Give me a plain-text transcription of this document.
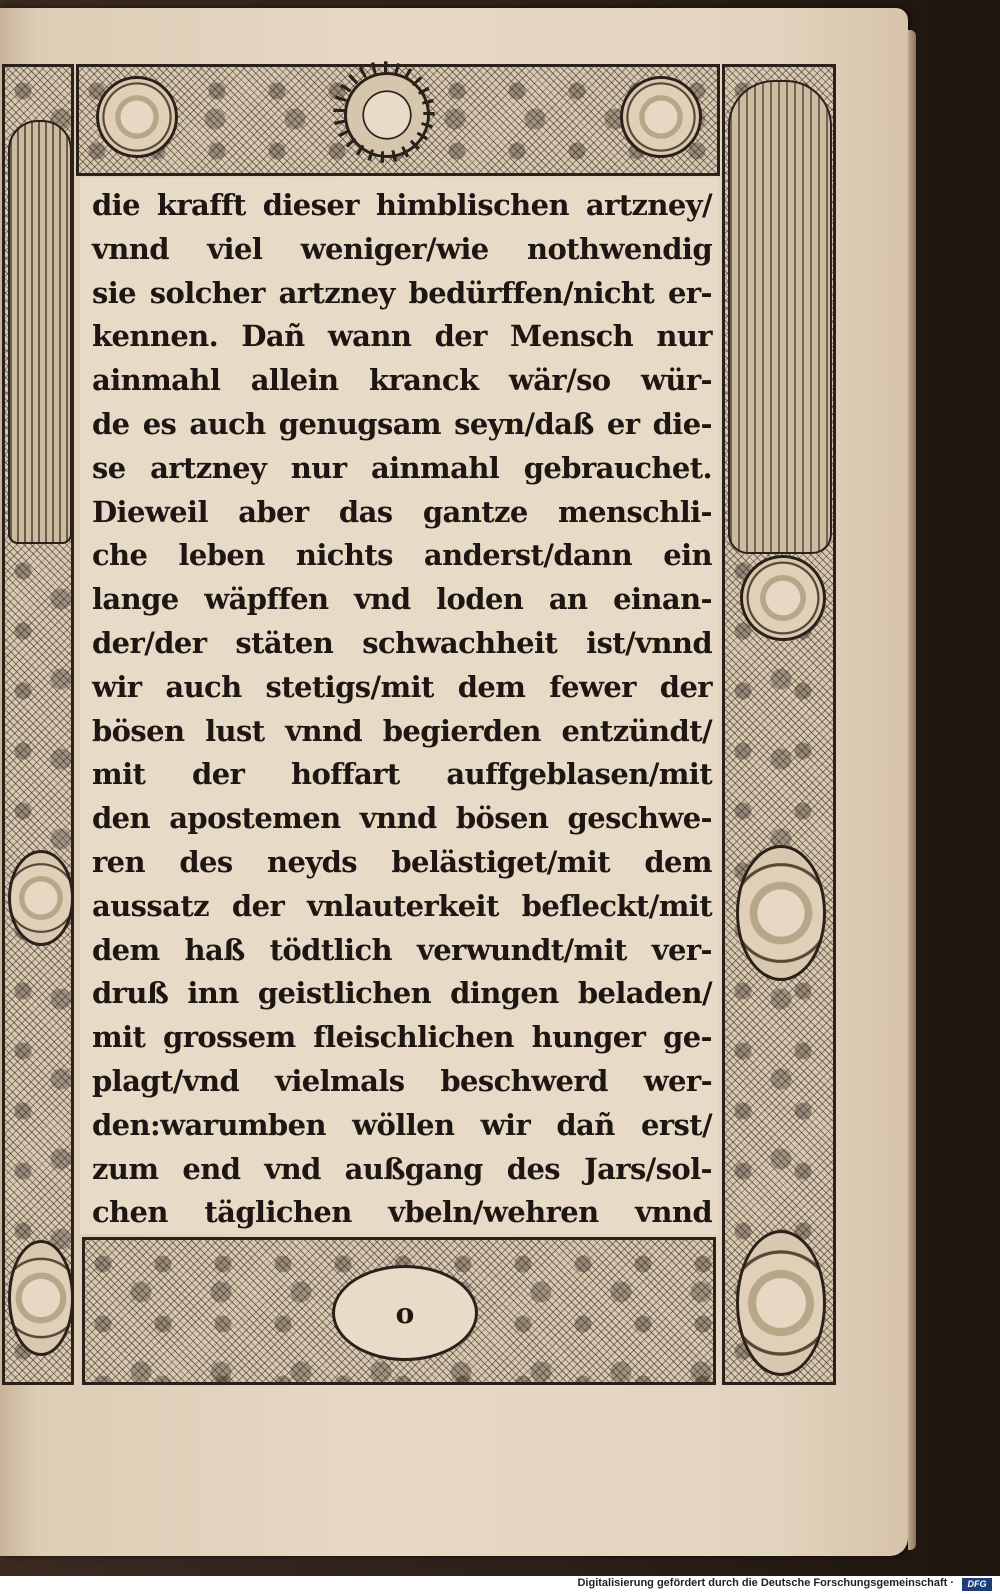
o
die krafft dieser himblischen artzney/
vnnd viel weniger/wie nothwendig
sie solcher artzney bedürffen/nicht er-
kennen. Dañ wann der Mensch nur
ainmahl allein kranck wär/so wür-
de es auch genugsam seyn/daß er die-
se artzney nur ainmahl gebrauchet.
Dieweil aber das gantze menschli-
che leben nichts anderst/dann ein
lange wäpffen vnd loden an einan-
der/der stäten schwachheit ist/vnnd
wir auch stetigs/mit dem fewer der
bösen lust vnnd begierden entzündt/
mit der hoffart auffgeblasen/mit
den apostemen vnnd bösen geschwe-
ren des neyds belästiget/mit dem
aussatz der vnlauterkeit befleckt/mit
dem haß tödtlich verwundt/mit ver-
druß inn geistlichen dingen beladen/
mit grossem fleischlichen hunger ge-
plagt/vnd vielmals beschwerd wer-
den:warumben wöllen wir dañ erst/
zum end vnd außgang des Jars/sol-
chen täglichen vbeln/wehren vnnd
Digitalisierung gefördert durch die Deutsche Forschungsgemeinschaft ·	DFG
